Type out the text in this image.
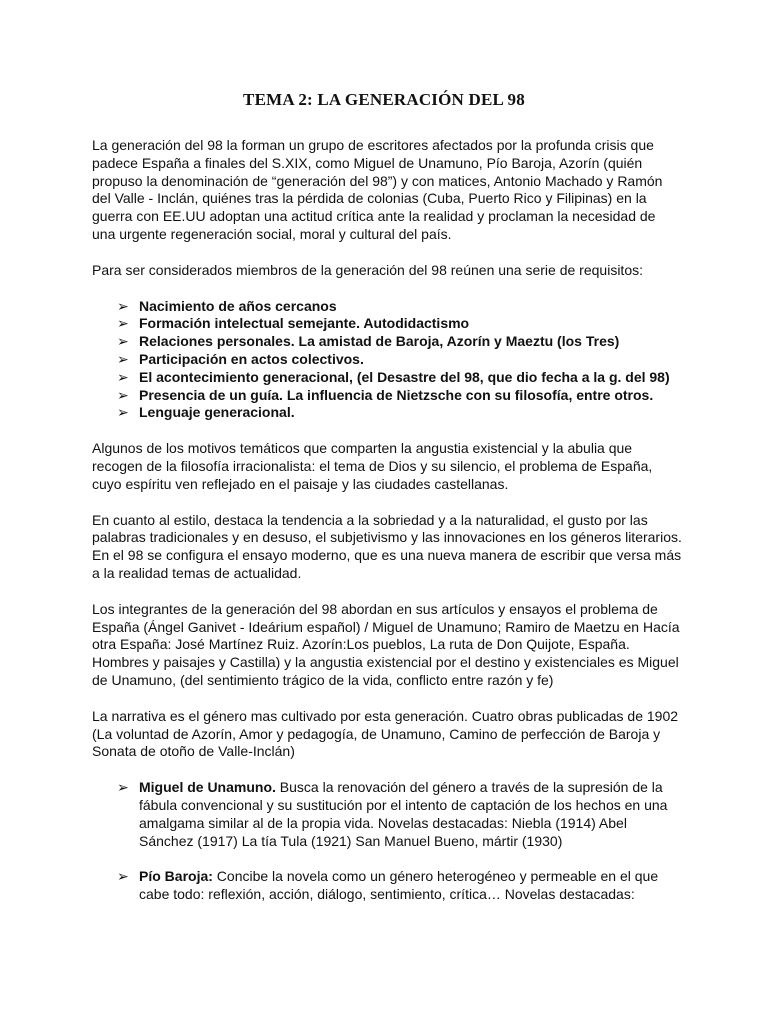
TEMA 2: LA GENERACIÓN DEL 98

La generación del 98 la forman un grupo de escritores afectados por la profunda crisis que padece España a finales del S.XIX, como Miguel de Unamuno, Pío Baroja, Azorín (quién propuso la denominación de “generación del 98”) y con matices, Antonio Machado y Ramón del Valle - Inclán, quiénes tras la pérdida de colonias (Cuba, Puerto Rico y Filipinas) en la guerra con EE.UU adoptan una actitud crítica ante la realidad y proclaman la necesidad de una urgente regeneración social, moral y cultural del país.

Para ser considerados miembros de la generación del 98 reúnen una serie de requisitos:

➢ Nacimiento de años cercanos
➢ Formación intelectual semejante. Autodidactismo
➢ Relaciones personales. La amistad de Baroja, Azorín y Maeztu (los Tres)
➢ Participación en actos colectivos.
➢ El acontecimiento generacional, (el Desastre del 98, que dio fecha a la g. del 98)
➢ Presencia de un guía. La influencia de Nietzsche con su filosofía, entre otros.
➢ Lenguaje generacional.

Algunos de los motivos temáticos que comparten la angustia existencial y la abulia que recogen de la filosofía irracionalista: el tema de Dios y su silencio, el problema de España, cuyo espíritu ven reflejado en el paisaje y las ciudades castellanas.

En cuanto al estilo, destaca la tendencia a la sobriedad y a la naturalidad, el gusto por las palabras tradicionales y en desuso, el subjetivismo y las innovaciones en los géneros literarios. En el 98 se configura el ensayo moderno, que es una nueva manera de escribir que versa más a la realidad temas de actualidad.

Los integrantes de la generación del 98 abordan en sus artículos y ensayos el problema de España (Ángel Ganivet - Ideárium español) / Miguel de Unamuno; Ramiro de Maetzu en Hacía otra España: José Martínez Ruiz. Azorín:Los pueblos, La ruta de Don Quijote, España. Hombres y paisajes y Castilla) y la angustia existencial por el destino y existenciales es Miguel de Unamuno, (del sentimiento trágico de la vida, conflicto entre razón y fe)

La narrativa es el género mas cultivado por esta generación. Cuatro obras publicadas de 1902 (La voluntad de Azorín, Amor y pedagogía, de Unamuno, Camino de perfección de Baroja y Sonata de otoño de Valle-Inclán)

➢ Miguel de Unamuno. Busca la renovación del género a través de la supresión de la fábula convencional y su sustitución por el intento de captación de los hechos en una amalgama similar al de la propia vida. Novelas destacadas: Niebla (1914) Abel Sánchez (1917) La tía Tula (1921) San Manuel Bueno, mártir (1930)
➢ Pío Baroja: Concibe la novela como un género heterogéneo y permeable en el que cabe todo: reflexión, acción, diálogo, sentimiento, crítica… Novelas destacadas:
